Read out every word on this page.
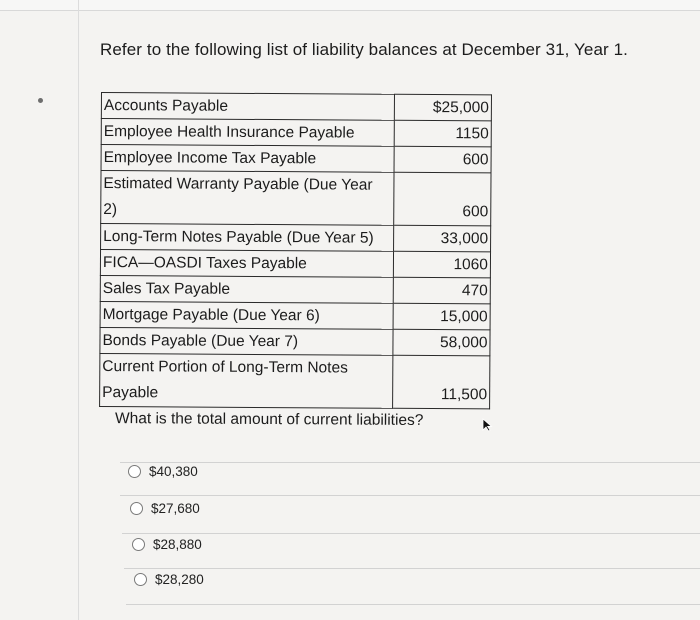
Refer to the following list of liability balances at December 31, Year 1.
Accounts Payable	$25,000
Employee Health Insurance Payable	1150
Employee Income Tax Payable	600
Estimated Warranty Payable (Due Year
2)	600
Long-Term Notes Payable (Due Year 5)	33,000
FICA—OASDI Taxes Payable	1060
Sales Tax Payable	470
Mortgage Payable (Due Year 6)	15,000
Bonds Payable (Due Year 7)	58,000
Current Portion of Long-Term Notes
Payable	11,500
What is the total amount of current liabilities?
$40,380
$27,680
$28,880
$28,280
